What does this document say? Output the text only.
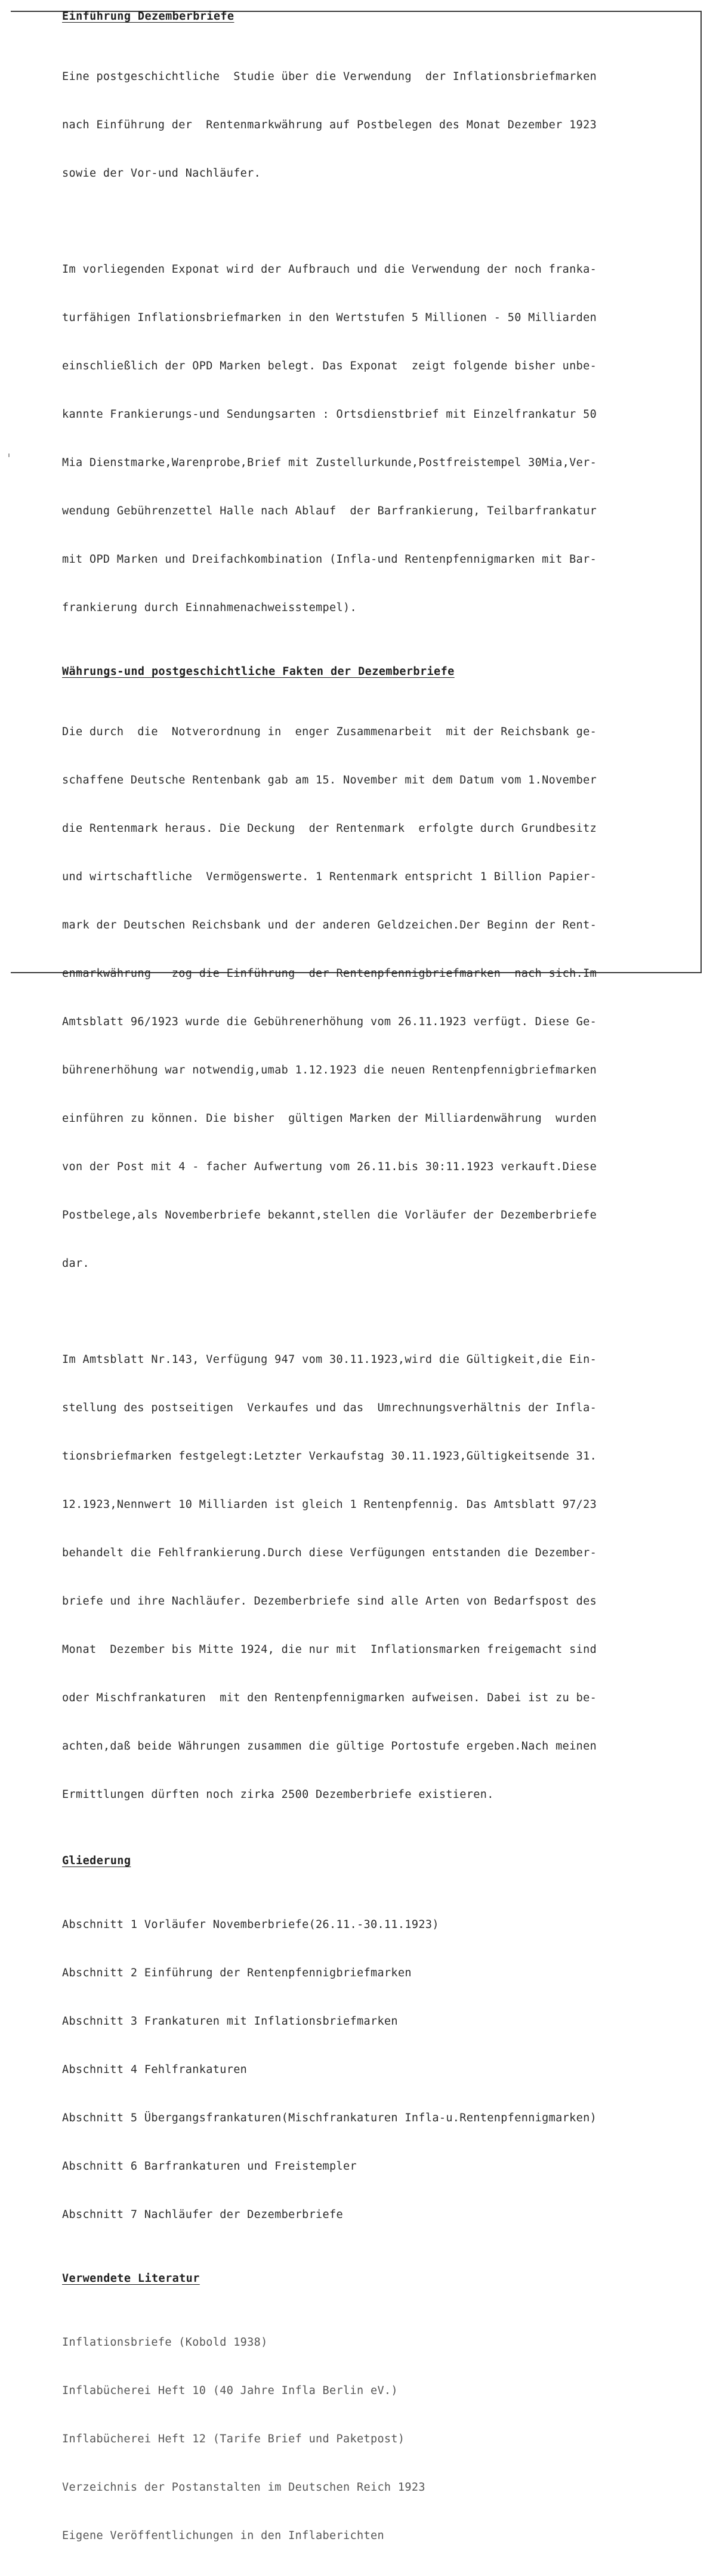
Einführung Dezemberbriefe

Eine postgeschichtliche  Studie über die Verwendung  der Inflationsbriefmarken

nach Einführung der  Rentenmarkwährung auf Postbelegen des Monat Dezember 1923

sowie der Vor-und Nachläufer.

Im vorliegenden Exponat wird der Aufbrauch und die Verwendung der noch franka-

turfähigen Inflationsbriefmarken in den Wertstufen 5 Millionen - 50 Milliarden

einschließlich der OPD Marken belegt. Das Exponat  zeigt folgende bisher unbe-

kannte Frankierungs-und Sendungsarten : Ortsdienstbrief mit Einzelfrankatur 50

Mia Dienstmarke,Warenprobe,Brief mit Zustellurkunde,Postfreistempel 30Mia,Ver-

wendung Gebührenzettel Halle nach Ablauf  der Barfrankierung, Teilbarfrankatur

mit OPD Marken und Dreifachkombination (Infla-und Rentenpfennigmarken mit Bar-

frankierung durch Einnahmenachweisstempel).

Währungs-und postgeschichtliche Fakten der Dezemberbriefe

Die durch  die  Notverordnung in  enger Zusammenarbeit  mit der Reichsbank ge-

schaffene Deutsche Rentenbank gab am 15. November mit dem Datum vom 1.November

die Rentenmark heraus. Die Deckung  der Rentenmark  erfolgte durch Grundbesitz

und wirtschaftliche  Vermögenswerte. 1 Rentenmark entspricht 1 Billion Papier-

mark der Deutschen Reichsbank und der anderen Geldzeichen.Der Beginn der Rent-

enmarkwährung   zog die Einführung  der Rentenpfennigbriefmarken  nach sich.Im

Amtsblatt 96/1923 wurde die Gebührenerhöhung vom 26.11.1923 verfügt. Diese Ge-

bührenerhöhung war notwendig,umab 1.12.1923 die neuen Rentenpfennigbriefmarken

einführen zu können. Die bisher  gültigen Marken der Milliardenwährung  wurden

von der Post mit 4 - facher Aufwertung vom 26.11.bis 30:11.1923 verkauft.Diese

Postbelege,als Novemberbriefe bekannt,stellen die Vorläufer der Dezemberbriefe

dar.

Im Amtsblatt Nr.143, Verfügung 947 vom 30.11.1923,wird die Gültigkeit,die Ein-

stellung des postseitigen  Verkaufes und das  Umrechnungsverhältnis der Infla-

tionsbriefmarken festgelegt:Letzter Verkaufstag 30.11.1923,Gültigkeitsende 31.

12.1923,Nennwert 10 Milliarden ist gleich 1 Rentenpfennig. Das Amtsblatt 97/23

behandelt die Fehlfrankierung.Durch diese Verfügungen entstanden die Dezember-

briefe und ihre Nachläufer. Dezemberbriefe sind alle Arten von Bedarfspost des

Monat  Dezember bis Mitte 1924, die nur mit  Inflationsmarken freigemacht sind

oder Mischfrankaturen  mit den Rentenpfennigmarken aufweisen. Dabei ist zu be-

achten,daß beide Währungen zusammen die gültige Portostufe ergeben.Nach meinen

Ermittlungen dürften noch zirka 2500 Dezemberbriefe existieren.

Gliederung

Abschnitt 1 Vorläufer Novemberbriefe(26.11.-30.11.1923)

Abschnitt 2 Einführung der Rentenpfennigbriefmarken

Abschnitt 3 Frankaturen mit Inflationsbriefmarken

Abschnitt 4 Fehlfrankaturen

Abschnitt 5 Übergangsfrankaturen(Mischfrankaturen Infla-u.Rentenpfennigmarken)

Abschnitt 6 Barfrankaturen und Freistempler

Abschnitt 7 Nachläufer der Dezemberbriefe

Verwendete Literatur

Inflationsbriefe (Kobold 1938)

Inflabücherei Heft 10 (40 Jahre Infla Berlin eV.)

Inflabücherei Heft 12 (Tarife Brief und Paketpost)

Verzeichnis der Postanstalten im Deutschen Reich 1923

Eigene Veröffentlichungen in den Inflaberichten
